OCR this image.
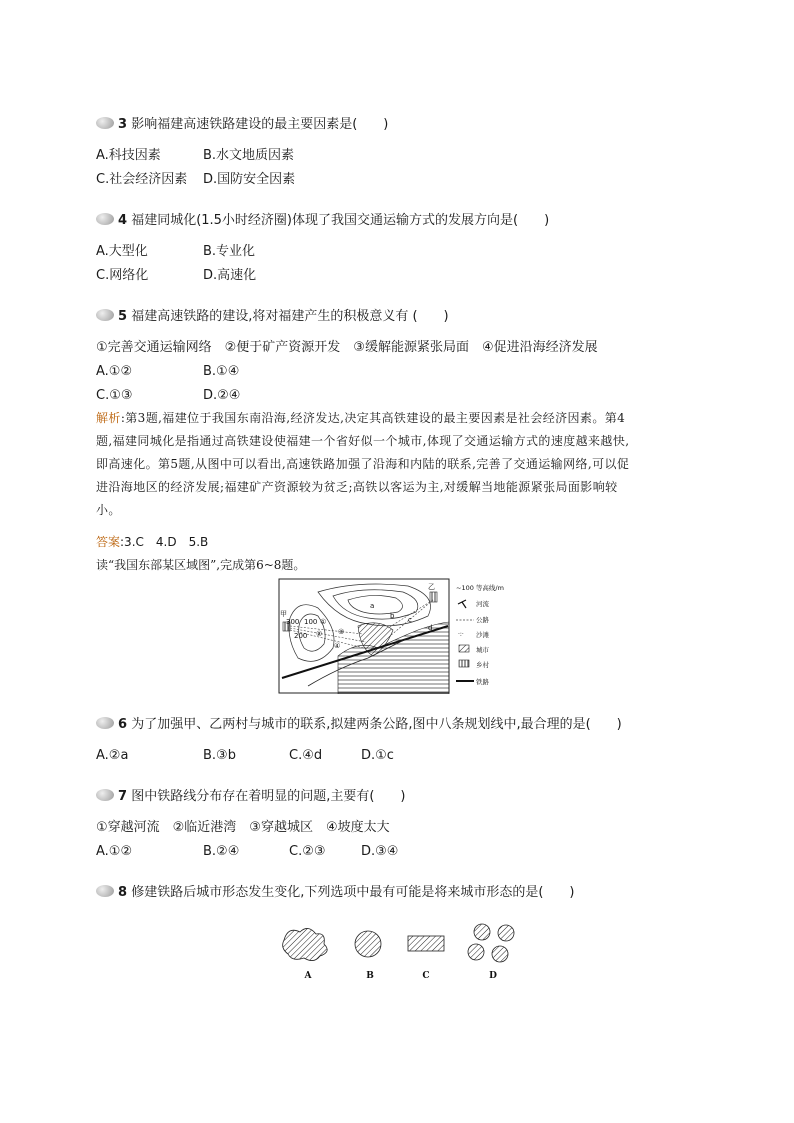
3 影响福建高速铁路建设的最主要因素是(　　)
A.科技因素	B.水文地质因素
C.社会经济因素 D.国防安全因素
4 福建同城化(1.5小时经济圈)体现了我国交通运输方式的发展方向是(　　)
A.大型化	B.专业化
C.网络化	D.高速化
5 福建高速铁路的建设,将对福建产生的积极意义有 (　　)
①完善交通运输网络　②便于矿产资源开发　③缓解能源紧张局面　④促进沿海经济发展
A.①②	B.①④
C.①③	D.②④
解析:第3题,福建位于我国东南沿海,经济发达,决定其高铁建设的最主要因素是社会经济因素。第4
题,福建同城化是指通过高铁建设使福建一个省好似一个城市,体现了交通运输方式的速度越来越快,
即高速化。第5题,从图中可以看出,高速铁路加强了沿海和内陆的联系,完善了交通运输网络,可以促
进沿海地区的经济发展;福建矿产资源较为贫乏;高铁以客运为主,对缓解当地能源紧张局面影响较
小。
答案:3.C　4.D　5.B
读“我国东部某区域图”,完成第6~8题。
甲
乙
300 100
200
①
② ③
④
a
b c
d
~100 等高线/m
河流
公路
·:· 沙滩
城市
乡村
铁路
6 为了加强甲、乙两村与城市的联系,拟建两条公路,图中八条规划线中,最合理的是(　　)
A.②a	B.③b	C.④d	D.①c
7 图中铁路线分布存在着明显的问题,主要有(　　)
①穿越河流　②临近港湾　③穿越城区　④坡度太大
A.①②	B.②④	C.②③	D.③④
8 修建铁路后城市形态发生变化,下列选项中最有可能是将来城市形态的是(　　)
A	B	C	D
